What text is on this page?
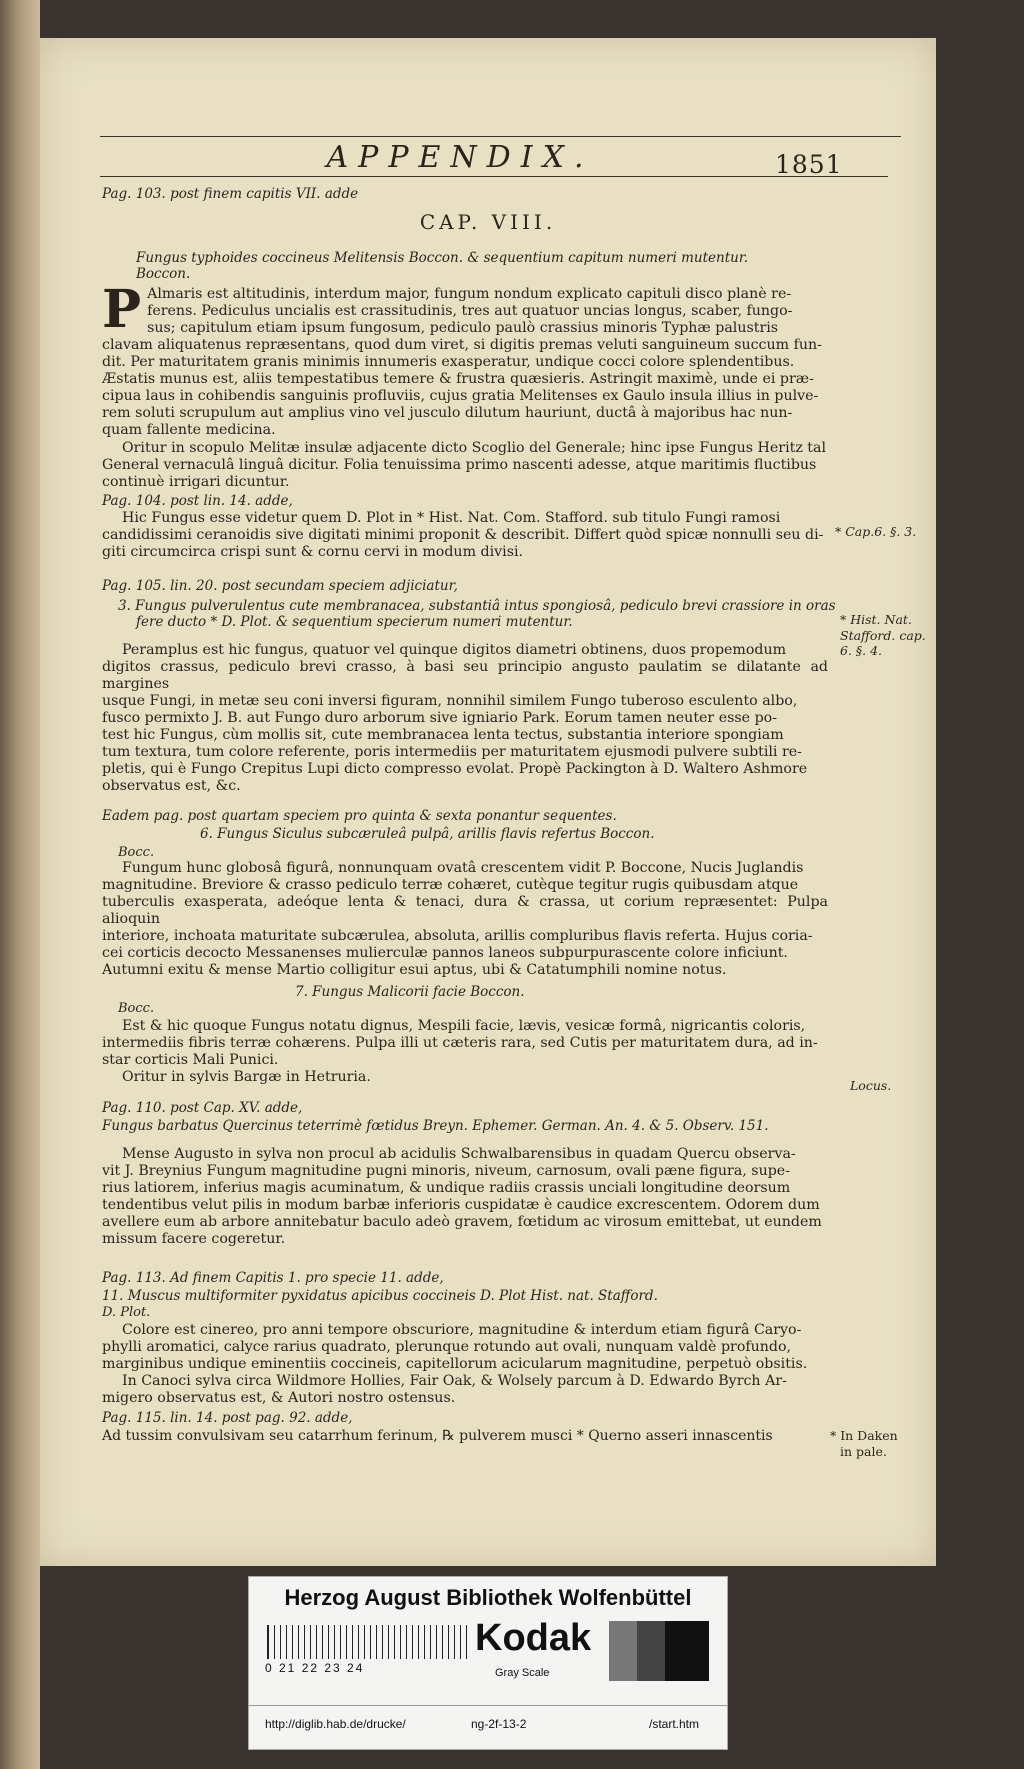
APPENDIX.	1851
Pag. 103. post finem capitis VII. adde
CAP. VIII.
Fungus typhoides coccineus Melitensis Boccon. & sequentium capitum numeri mutentur.
Boccon.
P Almaris est altitudinis, interdum major, fungum nondum explicato capituli disco planè re-
ferens. Pediculus uncialis est crassitudinis, tres aut quatuor uncias longus, scaber, fungo-
sus; capitulum etiam ipsum fungosum, pediculo paulò crassius minoris Typhæ palustris
clavam aliquatenus repræsentans, quod dum viret, si digitis premas veluti sanguineum succum fun-
dit. Per maturitatem granis minimis innumeris exasperatur, undique cocci colore splendentibus.
Æstatis munus est, aliis tempestatibus temere & frustra quæsieris. Astringit maximè, unde ei præ-
cipua laus in cohibendis sanguinis profluviis, cujus gratia Melitenses ex Gaulo insula illius in pulve-
rem soluti scrupulum aut amplius vino vel jusculo dilutum hauriunt, ductâ à majoribus hac nun-
quam fallente medicina.
Oritur in scopulo Melitæ insulæ adjacente dicto Scoglio del Generale; hinc ipse Fungus Heritz tal
General vernaculâ linguâ dicitur. Folia tenuissima primo nascenti adesse, atque maritimis fluctibus
continuè irrigari dicuntur.
Pag. 104. post lin. 14. adde,
Hic Fungus esse videtur quem D. Plot in * Hist. Nat. Com. Stafford. sub titulo Fungi ramosi
candidissimi ceranoidis sive digitati minimi proponit & describit. Differt quòd spicæ nonnulli seu di-
giti circumcirca crispi sunt & cornu cervi in modum divisi.
* Cap.6. §. 3.
Pag. 105. lin. 20. post secundam speciem adjiciatur,
3. Fungus pulverulentus cute membranacea, substantiâ intus spongiosâ, pediculo brevi crassiore in oras
fere ducto * D. Plot. & sequentium specierum numeri mutentur.	* Hist. Nat.
Stafford. cap.
6. §. 4.
Peramplus est hic fungus, quatuor vel quinque digitos diametri obtinens, duos propemodum
digitos crassus, pediculo brevi crasso, à basi seu principio angusto paulatim se dilatante ad margines
usque Fungi, in metæ seu coni inversi figuram, nonnihil similem Fungo tuberoso esculento albo,
fusco permixto J. B. aut Fungo duro arborum sive igniario Park. Eorum tamen neuter esse po-
test hic Fungus, cùm mollis sit, cute membranacea lenta tectus, substantia interiore spongiam
tum textura, tum colore referente, poris intermediis per maturitatem ejusmodi pulvere subtili re-
pletis, qui è Fungo Crepitus Lupi dicto compresso evolat. Propè Packington à D. Waltero Ashmore
observatus est, &c.
Eadem pag. post quartam speciem pro quinta & sexta ponantur sequentes.
6. Fungus Siculus subcæruleâ pulpâ, arillis flavis refertus Boccon.
Bocc.
Fungum hunc globosâ figurâ, nonnunquam ovatâ crescentem vidit P. Boccone, Nucis Juglandis
magnitudine. Breviore & crasso pediculo terræ cohæret, cutèque tegitur rugis quibusdam atque
tuberculis exasperata, adeóque lenta & tenaci, dura & crassa, ut corium repræsentet: Pulpa alioquin
interiore, inchoata maturitate subcærulea, absoluta, arillis compluribus flavis referta. Hujus coria-
cei corticis decocto Messanenses mulierculæ pannos laneos subpurpurascente colore inficiunt.
Autumni exitu & mense Martio colligitur esui aptus, ubi & Catatumphili nomine notus.
7. Fungus Malicorii facie Boccon.
Bocc.
Est & hic quoque Fungus notatu dignus, Mespili facie, lævis, vesicæ formâ, nigricantis coloris,
intermediis fibris terræ cohærens. Pulpa illi ut cæteris rara, sed Cutis per maturitatem dura, ad in-
star corticis Mali Punici.
Oritur in sylvis Bargæ in Hetruria.
Locus.
Pag. 110. post Cap. XV. adde,
Fungus barbatus Quercinus teterrimè fœtidus Breyn. Ephemer. German. An. 4. & 5. Observ. 151.
Mense Augusto in sylva non procul ab acidulis Schwalbarensibus in quadam Quercu observa-
vit J. Breynius Fungum magnitudine pugni minoris, niveum, carnosum, ovali pæne figura, supe-
rius latiorem, inferius magis acuminatum, & undique radiis crassis unciali longitudine deorsum
tendentibus velut pilis in modum barbæ inferioris cuspidatæ è caudice excrescentem. Odorem dum
avellere eum ab arbore annitebatur baculo adeò gravem, fœtidum ac virosum emittebat, ut eundem
missum facere cogeretur.
Pag. 113. Ad finem Capitis 1. pro specie 11. adde,
11. Muscus multiformiter pyxidatus apicibus coccineis D. Plot Hist. nat. Stafford.
D. Plot.
Colore est cinereo, pro anni tempore obscuriore, magnitudine & interdum etiam figurâ Caryo-
phylli aromatici, calyce rarius quadrato, plerunque rotundo aut ovali, nunquam valdè profundo,
marginibus undique eminentiis coccineis, capitellorum acicularum magnitudine, perpetuò obsitis.
In Canoci sylva circa Wildmore Hollies, Fair Oak, & Wolsely parcum à D. Edwardo Byrch Ar-
migero observatus est, & Autori nostro ostensus.
Pag. 115. lin. 14. post pag. 92. adde,
Ad tussim convulsivam seu catarrhum ferinum, ℞ pulverem musci * Querno asseri innascentis	* In Daken
in pale.
Herzog August Bibliothek Wolfenbüttel
0 21 22 23 24
Kodak
Gray Scale
http://diglib.hab.de/drucke/	ng-2f-13-2	/start.htm
